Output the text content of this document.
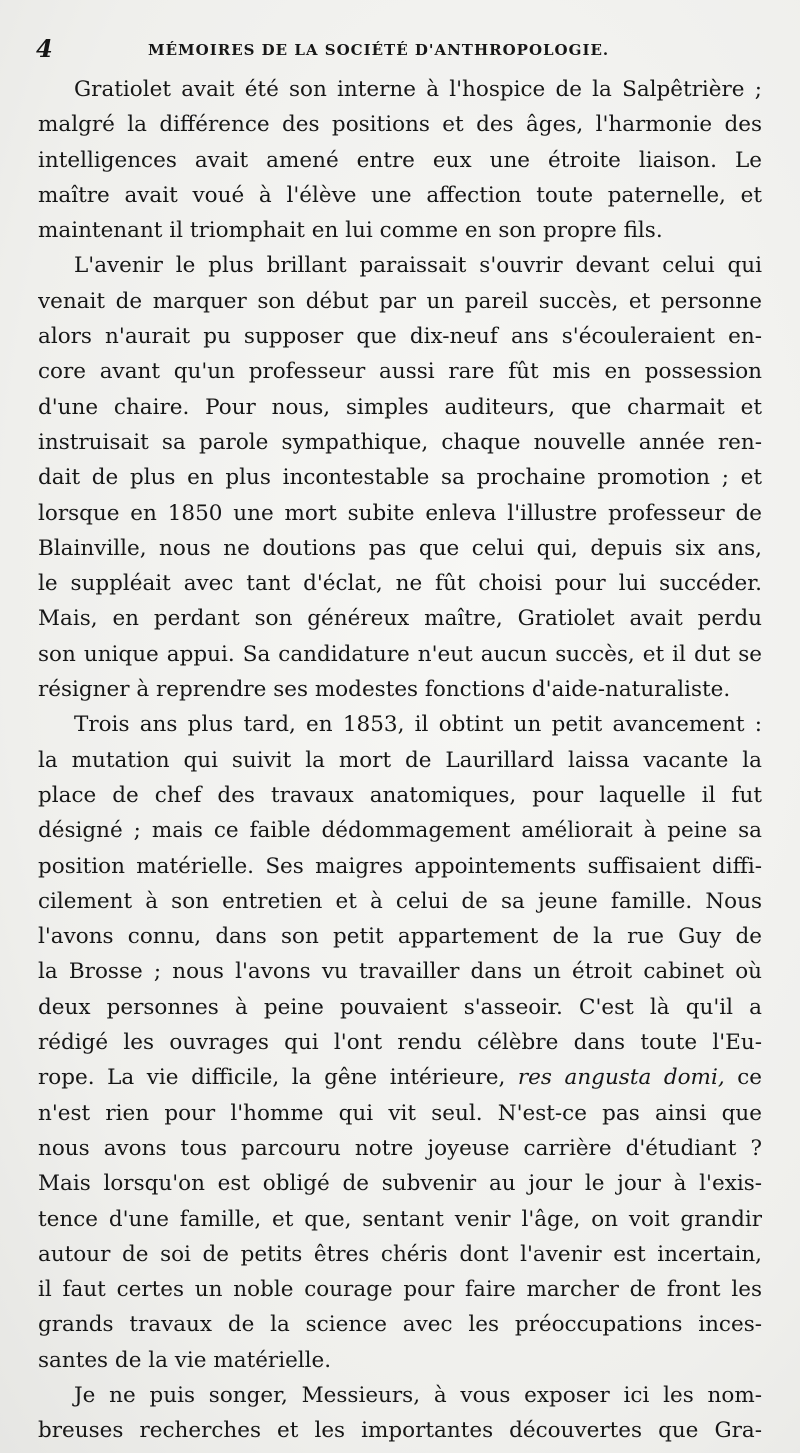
4	MÉMOIRES DE LA SOCIÉTÉ D'ANTHROPOLOGIE.
Gratiolet avait été son interne à l'hospice de la Salpêtrière ;
malgré la différence des positions et des âges, l'harmonie des
intelligences avait amené entre eux une étroite liaison. Le
maître avait voué à l'élève une affection toute paternelle, et
maintenant il triomphait en lui comme en son propre fils.
L'avenir le plus brillant paraissait s'ouvrir devant celui qui
venait de marquer son début par un pareil succès, et personne
alors n'aurait pu supposer que dix-neuf ans s'écouleraient en-
core avant qu'un professeur aussi rare fût mis en possession
d'une chaire. Pour nous, simples auditeurs, que charmait et
instruisait sa parole sympathique, chaque nouvelle année ren-
dait de plus en plus incontestable sa prochaine promotion ; et
lorsque en 1850 une mort subite enleva l'illustre professeur de
Blainville, nous ne doutions pas que celui qui, depuis six ans,
le suppléait avec tant d'éclat, ne fût choisi pour lui succéder.
Mais, en perdant son généreux maître, Gratiolet avait perdu
son unique appui. Sa candidature n'eut aucun succès, et il dut se
résigner à reprendre ses modestes fonctions d'aide-naturaliste.
Trois ans plus tard, en 1853, il obtint un petit avancement :
la mutation qui suivit la mort de Laurillard laissa vacante la
place de chef des travaux anatomiques, pour laquelle il fut
désigné ; mais ce faible dédommagement améliorait à peine sa
position matérielle. Ses maigres appointements suffisaient diffi-
cilement à son entretien et à celui de sa jeune famille. Nous
l'avons connu, dans son petit appartement de la rue Guy de
la Brosse ; nous l'avons vu travailler dans un étroit cabinet où
deux personnes à peine pouvaient s'asseoir. C'est là qu'il a
rédigé les ouvrages qui l'ont rendu célèbre dans toute l'Eu-
rope. La vie difficile, la gêne intérieure, res angusta domi, ce
n'est rien pour l'homme qui vit seul. N'est-ce pas ainsi que
nous avons tous parcouru notre joyeuse carrière d'étudiant ?
Mais lorsqu'on est obligé de subvenir au jour le jour à l'exis-
tence d'une famille, et que, sentant venir l'âge, on voit grandir
autour de soi de petits êtres chéris dont l'avenir est incertain,
il faut certes un noble courage pour faire marcher de front les
grands travaux de la science avec les préoccupations inces-
santes de la vie matérielle.
Je ne puis songer, Messieurs, à vous exposer ici les nom-
breuses recherches et les importantes découvertes que Gra-
